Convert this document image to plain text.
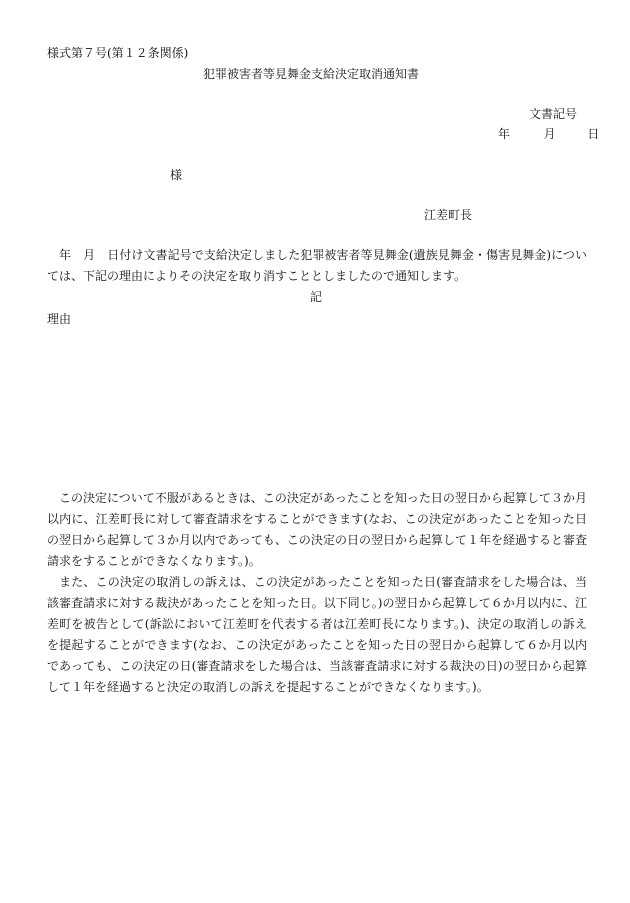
様式第７号(第１２条関係)
犯罪被害者等見舞金支給決定取消通知書
文書記号
年	月	日
様
江差町長
年　月　日付け文書記号で支給決定しました犯罪被害者等見舞金(遺族見舞金・傷害見舞金)については、下記の理由によりその決定を取り消すこととしましたので通知します。
記
理由
この決定について不服があるときは、この決定があったことを知った日の翌日から起算して３か月以内に、江差町長に対して審査請求をすることができます(なお、この決定があったことを知った日の翌日から起算して３か月以内であっても、この決定の日の翌日から起算して１年を経過すると審査請求をすることができなくなります。)。
また、この決定の取消しの訴えは、この決定があったことを知った日(審査請求をした場合は、当該審査請求に対する裁決があったことを知った日。以下同じ。)の翌日から起算して６か月以内に、江差町を被告として(訴訟において江差町を代表する者は江差町長になります。)、決定の取消しの訴えを提起することができます(なお、この決定があったことを知った日の翌日から起算して６か月以内であっても、この決定の日(審査請求をした場合は、当該審査請求に対する裁決の日)の翌日から起算して１年を経過すると決定の取消しの訴えを提起することができなくなります。)。
